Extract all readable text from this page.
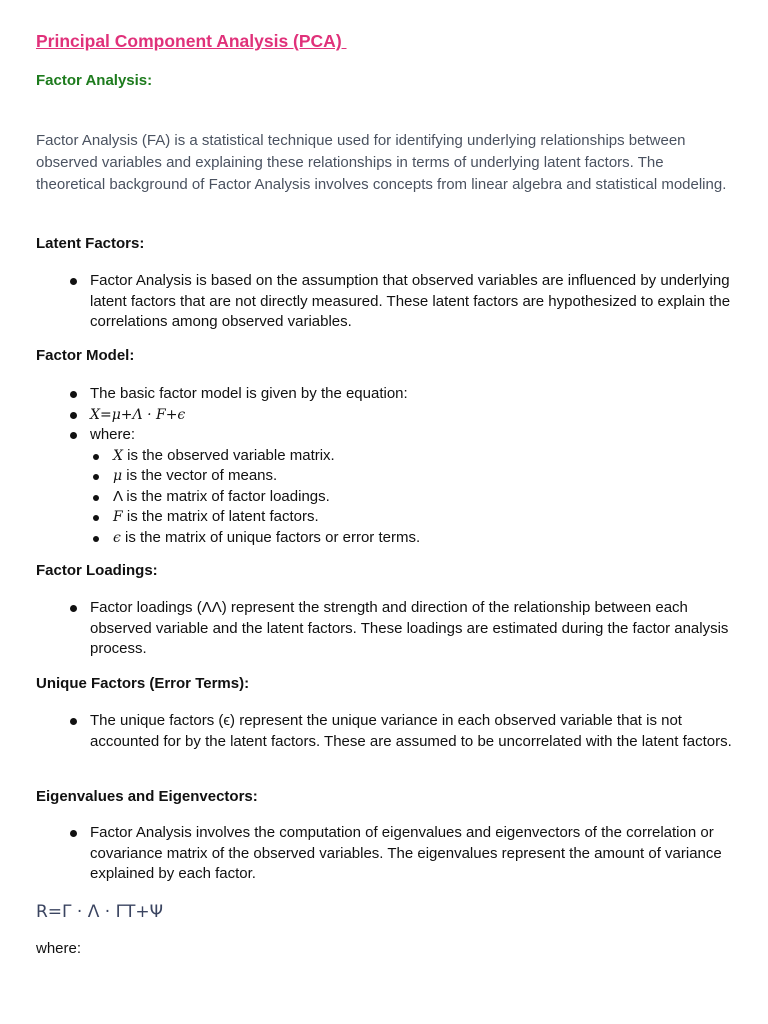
Principal Component Analysis (PCA)
Factor Analysis:
Factor Analysis (FA) is a statistical technique used for identifying underlying relationships between observed variables and explaining these relationships in terms of underlying latent factors. The theoretical background of Factor Analysis involves concepts from linear algebra and statistical modeling.
Latent Factors:
Factor Analysis is based on the assumption that observed variables are influenced by underlying latent factors that are not directly measured. These latent factors are hypothesized to explain the correlations among observed variables.
Factor Model:
The basic factor model is given by the equation:
X=μ+Λ · F+ϵ
where:
X is the observed variable matrix.
μ is the vector of means.
Λ is the matrix of factor loadings.
F is the matrix of latent factors.
ϵ is the matrix of unique factors or error terms.
Factor Loadings:
Factor loadings (ΛΛ) represent the strength and direction of the relationship between each observed variable and the latent factors. These loadings are estimated during the factor analysis process.
Unique Factors (Error Terms):
The unique factors (ϵ) represent the unique variance in each observed variable that is not accounted for by the latent factors. These are assumed to be uncorrelated with the latent factors.
Eigenvalues and Eigenvectors:
Factor Analysis involves the computation of eigenvalues and eigenvectors of the correlation or covariance matrix of the observed variables. The eigenvalues represent the amount of variance explained by each factor.
R=Γ · Λ · ΓT+Ψ
where:
